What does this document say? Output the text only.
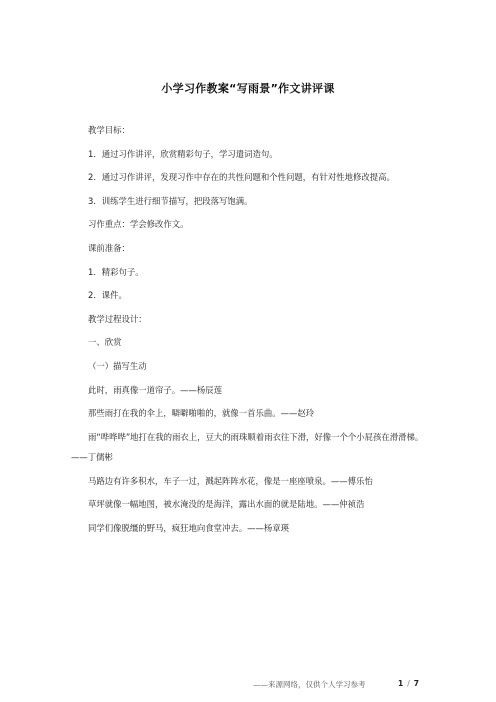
小学习作教案“写雨景”作文讲评课

教学目标：

1．通过习作讲评，欣赏精彩句子，学习遣词造句。

2．通过习作讲评，发现习作中存在的共性问题和个性问题，有针对性地修改提高。

3．训练学生进行细节描写，把段落写饱满。

习作重点：学会修改作文。

课前准备：

1．精彩句子。

2．课件。

教学过程设计：

一、欣赏

（一）描写生动

此时，雨真像一道帘子。——杨辰莲

那些雨打在我的伞上，噼噼啪啪的，就像一首乐曲。——赵玲

雨“哗哗哗”地打在我的雨衣上，豆大的雨珠顺着雨衣往下滑，好像一个个小屁孩在滑滑梯。——丁儒彬

马路边有许多积水，车子一过，溅起阵阵水花，像是一座座喷泉。——傅乐怡

草坪就像一幅地图，被水淹没的是海洋，露出水面的就是陆地。——仲祯浩

同学们像脱缰的野马，疯狂地向食堂冲去。——杨章瑛

——来源网络，仅供个人学习参考	1 / 7
